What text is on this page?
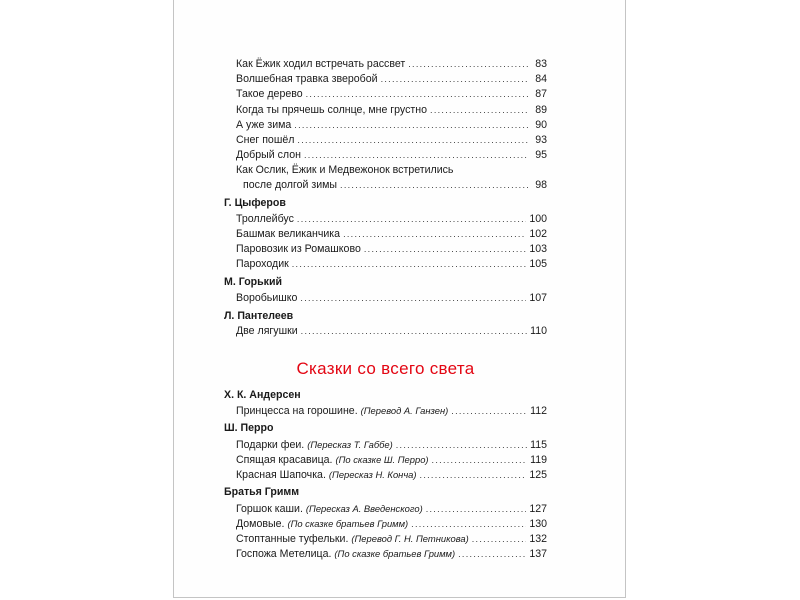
Как Ёжик ходил встречать рассвет . . .	83
Волшебная травка зверобой . . .	84
Такое дерево . . .	87
Когда ты прячешь солнце, мне грустно . . .	89
А уже зима . . .	90
Снег пошёл . . .	93
Добрый слон . . .	95
Как Ослик, Ёжик и Медвежонок встретились
после долгой зимы . . .	98
Г. Цыферов
Троллейбус . . .	100
Башмак великанчика . . .	102
Паровозик из Ромашково . . .	103
Пароходик . . .	105
М. Горький
Воробьишко . . .	107
Л. Пантелеев
Две лягушки . . .	110
Сказки со всего света
Х. К. Андерсен
Принцесса на горошине. (Перевод А. Ганзен) . . .	112
Ш. Перро
Подарки феи. (Пересказ Т. Габбе) . . .	115
Спящая красавица. (По сказке Ш. Перро) . . .	119
Красная Шапочка. (Пересказ Н. Конча) . . .	125
Братья Гримм
Горшок каши. (Пересказ А. Введенского) . . .	127
Домовые. (По сказке братьев Гримм) . . .	130
Стоптанные туфельки. (Перевод Г. Н. Петникова) . . .	132
Госпожа Метелица. (По сказке братьев Гримм) . . .	137
